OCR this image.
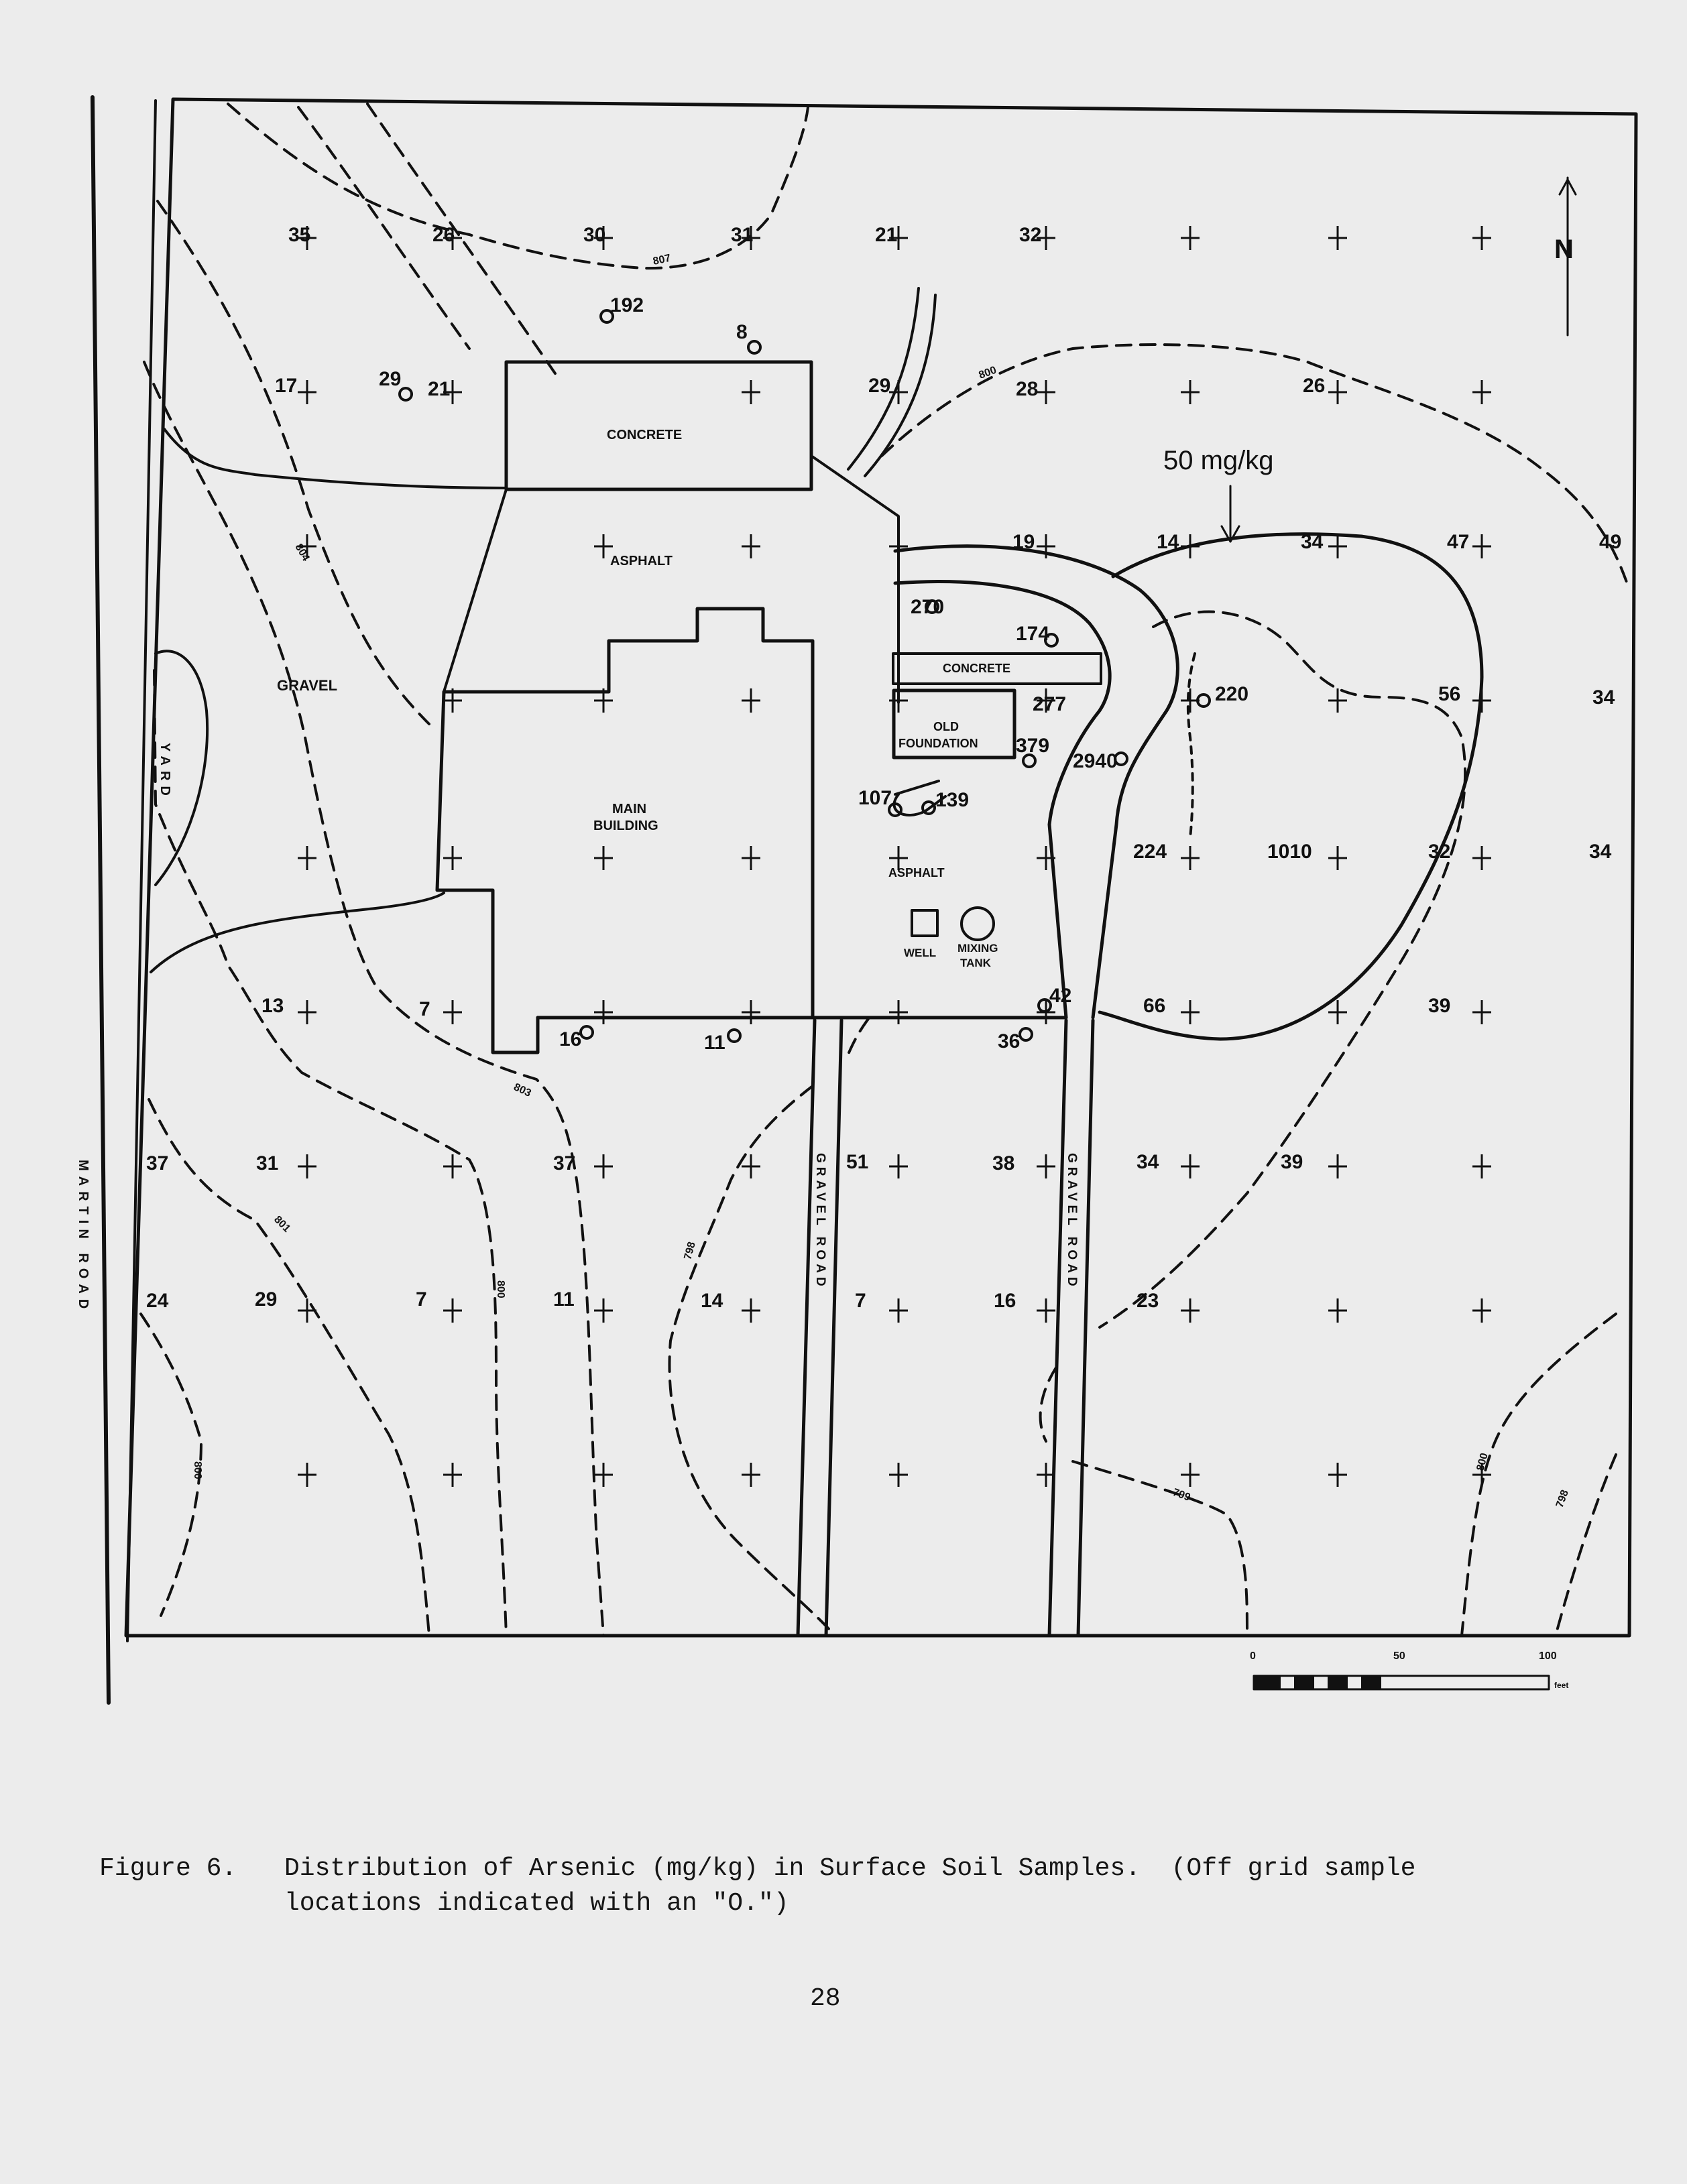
CONCRETE
ASPHALT
GRAVEL
MAIN
BUILDING
CONCRETE
OLD
FOUNDATION
ASPHALT
WELL MIXING
TANK
YARD
GRAVEL ROAD	GRAVEL ROAD
MARTIN ROAD
50 mg/kg
N
0	50	100
feet
807
800
804
803
801
800
798
799
800
800
798
35	26	30	31	21	32
17	21	29	28	26
19	14	34	47	49
56	34
224	1010	32	34
13	7	66	39
37	31	37	51	38	34	39
24	29	7	11	14	7	16	23
16	11	36
42
277
192
8
29
270
174
220
379
2940
107 139
Figure 6. Distribution of Arsenic (mg/kg) in Surface Soil Samples.  (Off grid sample
locations indicated with an "O.")
28
